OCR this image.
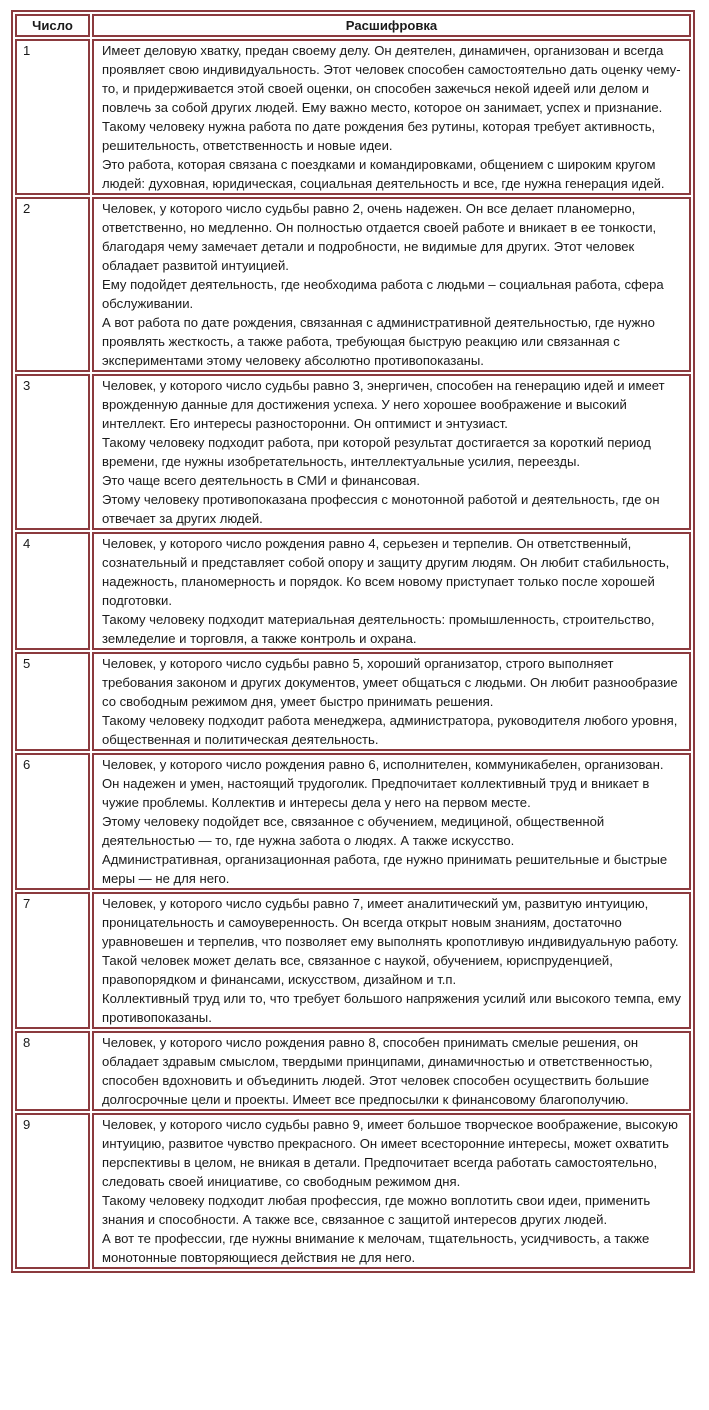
Число	Расшифровка
1	Имеет деловую хватку, предан своему делу. Он деятелен, динамичен, организован и всегда проявляет свою индивидуальность. Этот человек способен самостоятельно дать оценку чему-то, и придерживается этой своей оценки, он способен зажечься некой идеей или делом и повлечь за собой других людей. Ему важно место, которое он занимает, успех и признание.
Такому человеку нужна работа по дате рождения без рутины, которая требует активность, решительность, ответственность и новые идеи.
Это работа, которая связана с поездками и командировками, общением с широким кругом людей: духовная, юридическая, социальная деятельность и все, где нужна генерация идей.

2	Человек, у которого число судьбы равно 2, очень надежен. Он все делает планомерно, ответственно, но медленно. Он полностью отдается своей работе и вникает в ее тонкости, благодаря чему замечает детали и подробности, не видимые для других. Этот человек обладает развитой интуицией.
Ему подойдет деятельность, где необходима работа с людьми – социальная работа, сфера обслуживании.
А вот работа по дате рождения, связанная с административной деятельностью, где нужно проявлять жесткость, а также работа, требующая быструю реакцию или связанная с экспериментами этому человеку абсолютно противопоказаны.

3	Человек, у которого число судьбы равно 3, энергичен, способен на генерацию идей и имеет врожденную данные для достижения успеха. У него хорошее воображение и высокий интеллект. Его интересы разносторонни. Он оптимист и энтузиаст.
Такому человеку подходит работа, при которой результат достигается за короткий период времени, где нужны изобретательность, интеллектуальные усилия, переезды.
Это чаще всего деятельность в СМИ и финансовая.
Этому человеку противопоказана профессия с монотонной работой и деятельность, где он отвечает за других людей.

4	Человек, у которого число рождения равно 4, серьезен и терпелив. Он ответственный, сознательный и представляет собой опору и защиту другим людям. Он любит стабильность, надежность, планомерность и порядок. Ко всем новому приступает только после хорошей подготовки.
Такому человеку подходит материальная деятельность: промышленность, строительство, земледелие и торговля, а также контроль и охрана.

5	Человек, у которого число судьбы равно 5, хороший организатор, строго выполняет требования законом и других документов, умеет общаться с людьми. Он любит разнообразие со свободным режимом дня, умеет быстро принимать решения.
Такому человеку подходит работа менеджера, администратора, руководителя любого уровня, общественная и политическая деятельность.

6	Человек, у которого число рождения равно 6, исполнителен, коммуникабелен, организован. Он надежен и умен, настоящий трудоголик. Предпочитает коллективный труд и вникает в чужие проблемы. Коллектив и интересы дела у него на первом месте.
Этому человеку подойдет все, связанное с обучением, медициной, общественной деятельностью — то, где нужна забота о людях. А также искусство.
Административная, организационная работа, где нужно принимать решительные и быстрые меры — не для него.

7	Человек, у которого число судьбы равно 7, имеет аналитический ум, развитую интуицию, проницательность и самоуверенность. Он всегда открыт новым знаниям, достаточно уравновешен и терпелив, что позволяет ему выполнять кропотливую индивидуальную работу.
Такой человек может делать все, связанное с наукой, обучением, юриспруденцией, правопорядком и финансами, искусством, дизайном и т.п.
Коллективный труд или то, что требует большого напряжения усилий или высокого темпа, ему противопоказаны.

8	Человек, у которого число рождения равно 8, способен принимать смелые решения, он обладает здравым смыслом, твердыми принципами, динамичностью и ответственностью, способен вдохновить и объединить людей. Этот человек способен осуществить большие долгосрочные цели и проекты. Имеет все предпосылки к финансовому благополучию.

9	Человек, у которого число судьбы равно 9, имеет большое творческое воображение, высокую интуицию, развитое чувство прекрасного. Он имеет всесторонние интересы, может охватить перспективы в целом, не вникая в детали. Предпочитает всегда работать самостоятельно, следовать своей инициативе, со свободным режимом дня.
Такому человеку подходит любая профессия, где можно воплотить свои идеи, применить знания и способности. А также все, связанное с защитой интересов других людей.
А вот те профессии, где нужны внимание к мелочам, тщательность, усидчивость, а также монотонные повторяющиеся действия не для него.
